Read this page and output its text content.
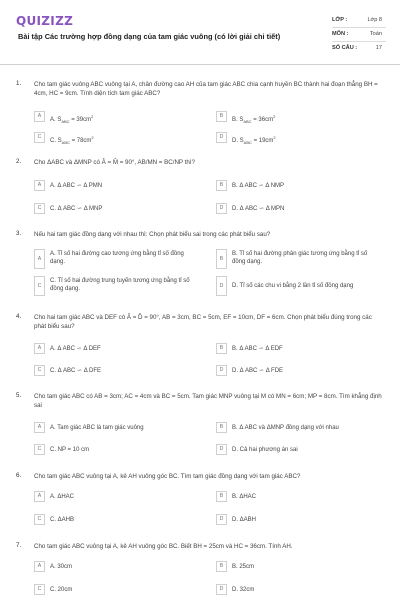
QUIZIZZ
Bài tập Các trường hợp đồng dạng của tam giác vuông (có lời giải chi tiết)
LỚP :	Lớp 8
MÔN :	Toán
SỐ CÂU :	17
1. Cho tam giác vuông ABC vuông tại A, chân đường cao AH của tam giác ABC chia cạnh huyền BC thành hai đoạn thẳng BH = 4cm, HC = 9cm. Tính diện tích tam giác ABC?
A
A. $S_{ABC} = 39cm^2$	B
B. $S_{ABC} = 36cm^2$
C
C. $S_{ABC} = 78cm^2$	D
D. $S_{ABC} = 19cm^2$
2. Cho ΔABC và ΔMNP có Â = M̂ = 90°, AB/MN = BC/NP thì?
A	A. Δ ABC ∽ Δ PMN	B	B. Δ ABC ∽ Δ NMP
C	C. Δ ABC ∽ Δ MNP	D	D. Δ ABC ∽ Δ MPN
3. Nếu hai tam giác đồng dạng với nhau thì: Chọn phát biểu sai trong các phát biểu sau?
A
A. Tỉ số hai đường cao tương ứng bằng tỉ số đồng dạng.	B
B. Tỉ số hai đường phân giác tương ứng bằng tỉ số đồng dạng.
C
C. Tỉ số hai đường trung tuyến tương ứng bằng tỉ số đồng dạng.	D	D. Tỉ số các chu vi bằng 2 lần tỉ số đồng dạng
4. Cho hai tam giác ABC và DEF có Â = D̂ = 90°, AB = 3cm, BC = 5cm, EF = 10cm, DF = 6cm. Chọn phát biểu đúng trong các phát biểu sau?
A	A. Δ ABC ∽ Δ DEF	B	B. Δ ABC ∽ Δ EDF
C	C. Δ ABC ∽ Δ DFE	D	D. Δ ABC ∽ Δ FDE
5. Cho tam giác ABC có AB = 3cm; AC = 4cm và BC = 5cm. Tam giác MNP vuông tại M có MN = 6cm; MP = 8cm. Tìm khẳng định sai
A	A. Tam giác ABC là tam giác vuông	B	B. Δ ABC và ΔMNP đồng dạng với nhau
C	C. NP = 10 cm	D	D. Cả hai phương án sai
6. Cho tam giác ABC vuông tại A, kẻ AH vuông góc BC. Tìm tam giác đồng dạng với tam giác ABC?
A	A. ΔHAC	B	B. ΔHAC
C	C. ΔAHB	D	D. ΔABH
7. Cho tam giác ABC vuông tại A, kẻ AH vuông góc BC. Biết BH = 25cm và HC = 36cm. Tính AH.
A	A. 30cm	B	B. 25cm
C	C. 20cm	D	D. 32cm
